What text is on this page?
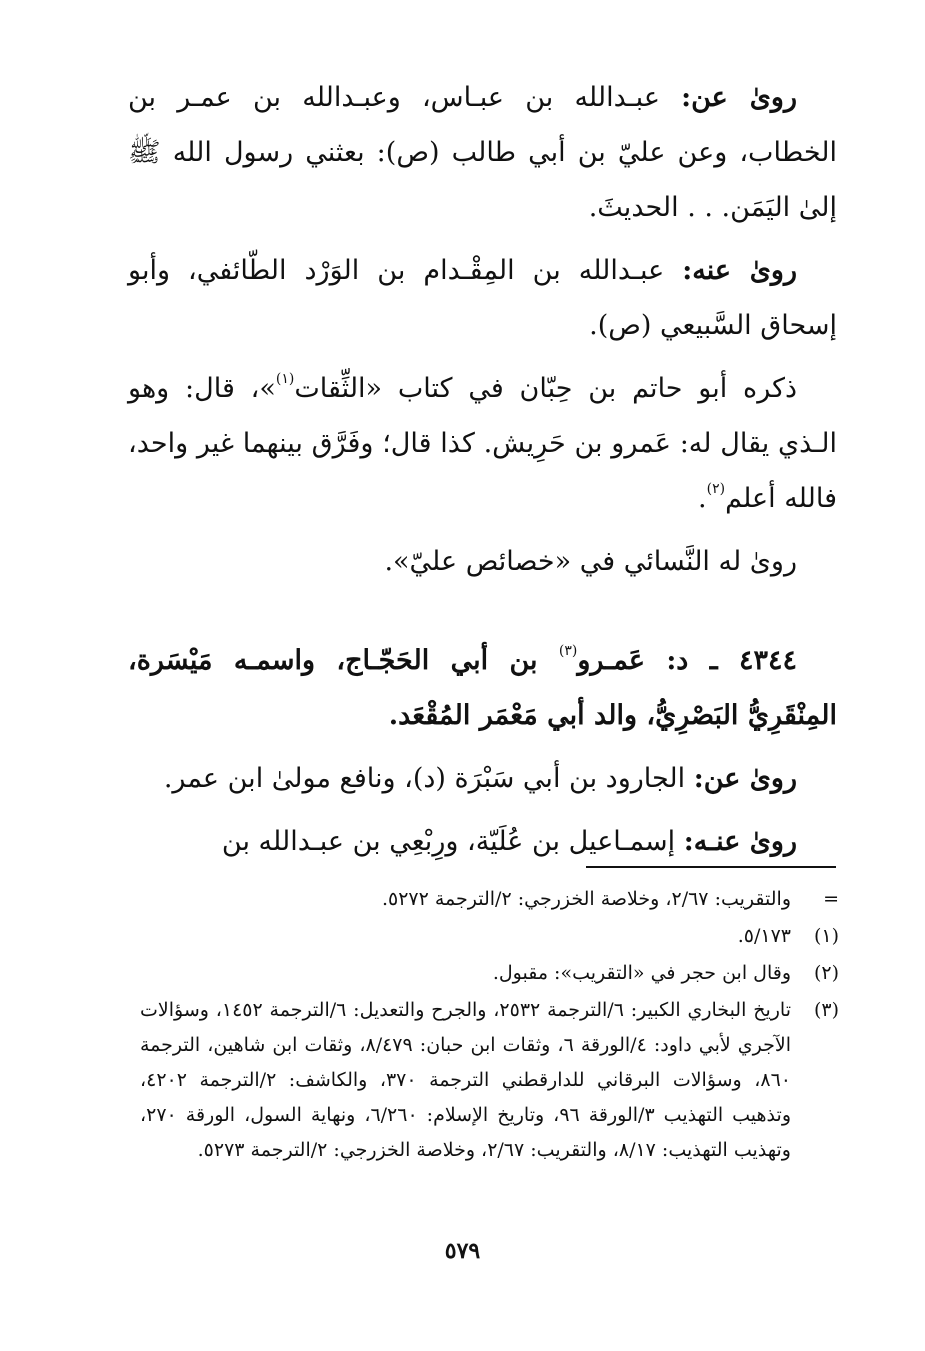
روىٰ عن: عبـدالله بن عبـاس، وعبـدالله بن عمـر بن الخطاب، وعن عليّ بن أبي طالب (ص): بعثني رسول الله ﷺ إلىٰ اليَمَن. . . الحديثَ.

روىٰ عنه: عبـدالله بن المِقْـدام بن الوَرْد الطّائفي، وأبو إسحاق السَّبيعي (ص).

ذكره أبو حاتم بن حِبّان في كتاب «الثِّقات$^{(١)}$»، قال: وهو الـذي يقال له: عَمرو بن حَرِيش. كذا قال؛ وفَرَّق بينهما غير واحد، فالله أعلم$^{(٢)}$.

روىٰ له النَّسائي في «خصائص عليّ».

٤٣٤٤ ـ د: عَمـرو$^{(٣)}$ بن أبي الحَجّـاج، واسمـه مَيْسَرة، المِنْقَرِيُّ البَصْرِيُّ، والد أبي مَعْمَر المُقْعَد.

روىٰ عن: الجارود بن أبي سَبْرَة (د)، ونافع مولىٰ ابن عمر.

روىٰ عنـه: إسمـاعيل بن عُلَيّة، ورِبْعِي بن عبـدالله بن

=
والتقريب: ٢/٦٧، وخلاصة الخزرجي: ٢/الترجمة ٥٢٧٢.
(١)
٥/١٧٣.
(٢)
وقال ابن حجر في «التقريب»: مقبول.
(٣)
تاريخ البخاري الكبير: ٦/الترجمة ٢٥٣٢، والجرح والتعديل: ٦/الترجمة ١٤٥٢، وسؤالات الآجري لأبي داود: ٤/الورقة ٦، وثقات ابن حبان: ٨/٤٧٩، وثقات ابن شاهين، الترجمة ٨٦٠، وسؤالات البرقاني للدارقطني الترجمة ٣٧٠، والكاشف: ٢/الترجمة ٤٢٠٢، وتذهيب التهذيب ٣/الورقة ٩٦، وتاريخ الإسلام: ٦/٢٦٠، ونهاية السول، الورقة ٢٧٠، وتهذيب التهذيب: ٨/١٧، والتقريب: ٢/٦٧، وخلاصة الخزرجي: ٢/الترجمة ٥٢٧٣.
٥٧٩
